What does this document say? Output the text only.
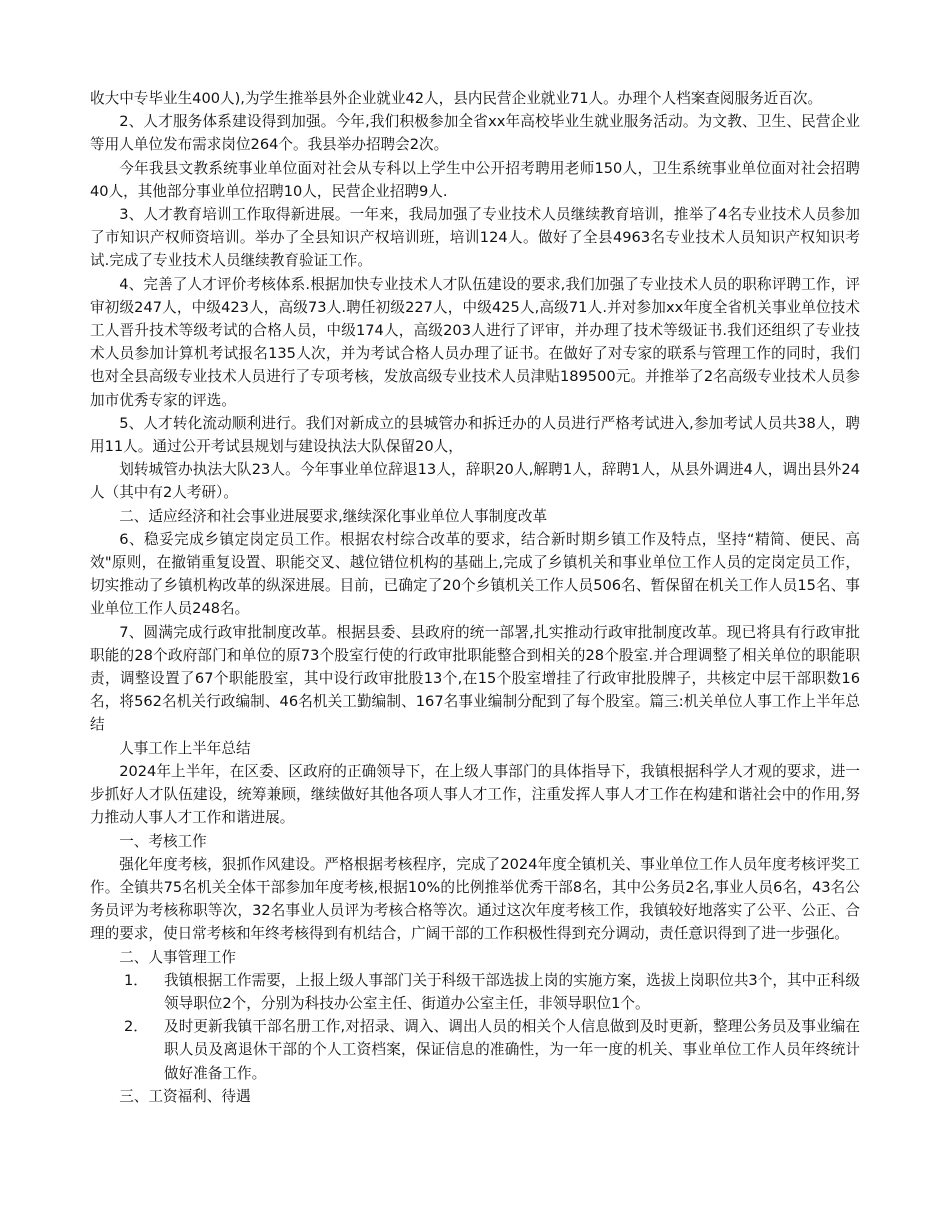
收大中专毕业生400人),为学生推举县外企业就业42人，县内民营企业就业71人。办理个人档案查阅服务近百次。

2、人才服务体系建设得到加强。今年,我们积极参加全省xx年高校毕业生就业服务活动。为文教、卫生、民营企业等用人单位发布需求岗位264个。我县举办招聘会2次。

今年我县文教系统事业单位面对社会从专科以上学生中公开招考聘用老师150人，卫生系统事业单位面对社会招聘40人，其他部分事业单位招聘10人，民营企业招聘9人.

3、人才教育培训工作取得新进展。一年来，我局加强了专业技术人员继续教育培训，推举了4名专业技术人员参加了市知识产权师资培训。举办了全县知识产权培训班，培训124人。做好了全县4963名专业技术人员知识产权知识考试.完成了专业技术人员继续教育验证工作。

4、完善了人才评价考核体系.根据加快专业技术人才队伍建设的要求,我们加强了专业技术人员的职称评聘工作，评审初级247人，中级423人，高级73人.聘任初级227人，中级425人,高级71人.并对参加xx年度全省机关事业单位技术工人晋升技术等级考试的合格人员，中级174人，高级203人进行了评审，并办理了技术等级证书.我们还组织了专业技术人员参加计算机考试报名135人次，并为考试合格人员办理了证书。在做好了对专家的联系与管理工作的同时，我们也对全县高级专业技术人员进行了专项考核，发放高级专业技术人员津贴189500元。并推举了2名高级专业技术人员参加市优秀专家的评选。

5、人才转化流动顺利进行。我们对新成立的县城管办和拆迁办的人员进行严格考试进入,参加考试人员共38人，聘用11人。通过公开考试县规划与建设执法大队保留20人，

划转城管办执法大队23人。今年事业单位辞退13人，辞职20人,解聘1人，辞聘1人，从县外调进4人，调出县外24人（其中有2人考研）。

二、适应经济和社会事业进展要求,继续深化事业单位人事制度改革

6、稳妥完成乡镇定岗定员工作。根据农村综合改革的要求，结合新时期乡镇工作及特点，坚持“精简、便民、高效"原则，在撤销重复设置、职能交叉、越位错位机构的基础上,完成了乡镇机关和事业单位工作人员的定岗定员工作，切实推动了乡镇机构改革的纵深进展。目前，已确定了20个乡镇机关工作人员506名、暂保留在机关工作人员15名、事业单位工作人员248名。

7、圆满完成行政审批制度改革。根据县委、县政府的统一部署,扎实推动行政审批制度改革。现已将具有行政审批职能的28个政府部门和单位的原73个股室行使的行政审批职能整合到相关的28个股室.并合理调整了相关单位的职能职责，调整设置了67个职能股室，其中设行政审批股13个,在15个股室增挂了行政审批股牌子，共核定中层干部职数16名，将562名机关行政编制、46名机关工勤编制、167名事业编制分配到了每个股室。篇三:机关单位人事工作上半年总结

人事工作上半年总结

2024年上半年，在区委、区政府的正确领导下，在上级人事部门的具体指导下，我镇根据科学人才观的要求，进一步抓好人才队伍建设，统筹兼顾，继续做好其他各项人事人才工作，注重发挥人事人才工作在构建和谐社会中的作用,努力推动人事人才工作和谐进展。

一、考核工作

强化年度考核，狠抓作风建设。严格根据考核程序，完成了2024年度全镇机关、事业单位工作人员年度考核评奖工作。全镇共75名机关全体干部参加年度考核,根据10%的比例推举优秀干部8名，其中公务员2名,事业人员6名，43名公务员评为考核称职等次，32名事业人员评为考核合格等次。通过这次年度考核工作，我镇较好地落实了公平、公正、合理的要求，使日常考核和年终考核得到有机结合，广阔干部的工作积极性得到充分调动，责任意识得到了进一步强化。

二、人事管理工作

1．	我镇根据工作需要，上报上级人事部门关于科级干部选拔上岗的实施方案，选拔上岗职位共3个，其中正科级领导职位2个，分别为科技办公室主任、街道办公室主任，非领导职位1个。
2．	及时更新我镇干部名册工作,对招录、调入、调出人员的相关个人信息做到及时更新，整理公务员及事业编在职人员及离退休干部的个人工资档案，保证信息的准确性，为一年一度的机关、事业单位工作人员年终统计做好准备工作。

三、工资福利、待遇
